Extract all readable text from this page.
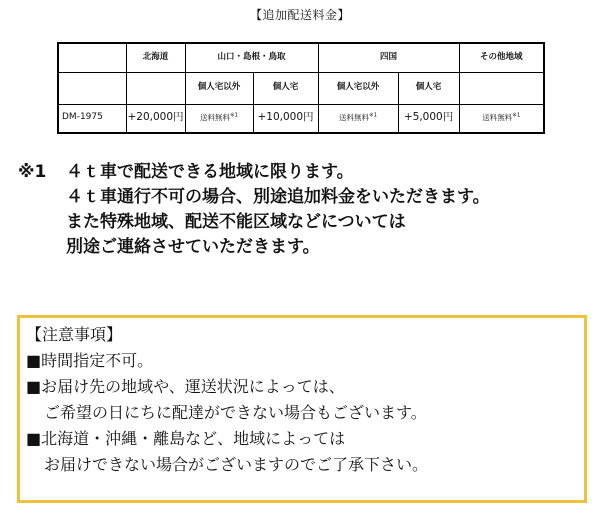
【追加配送料金】
	北海道	山口・島根・鳥取		四国		その他地域
		個人宅以外	個人宅	個人宅以外	個人宅	
DM-1975	+20,000円	送料無料$^{※1}$	+10,000円	送料無料$^{※1}$	+5,000円	送料無料$^{※1}$
※1 ４ｔ車で配送できる地域に限ります。
４ｔ車通行不可の場合、別途追加料金をいただきます。
また特殊地域、配送不能区域などについては
別途ご連絡させていただきます。
【注意事項】
■時間指定不可。
■お届け先の地域や、運送状況によっては、
ご希望の日にちに配達ができない場合もございます。
■北海道・沖縄・離島など、地域によっては
お届けできない場合がございますのでご了承下さい。
